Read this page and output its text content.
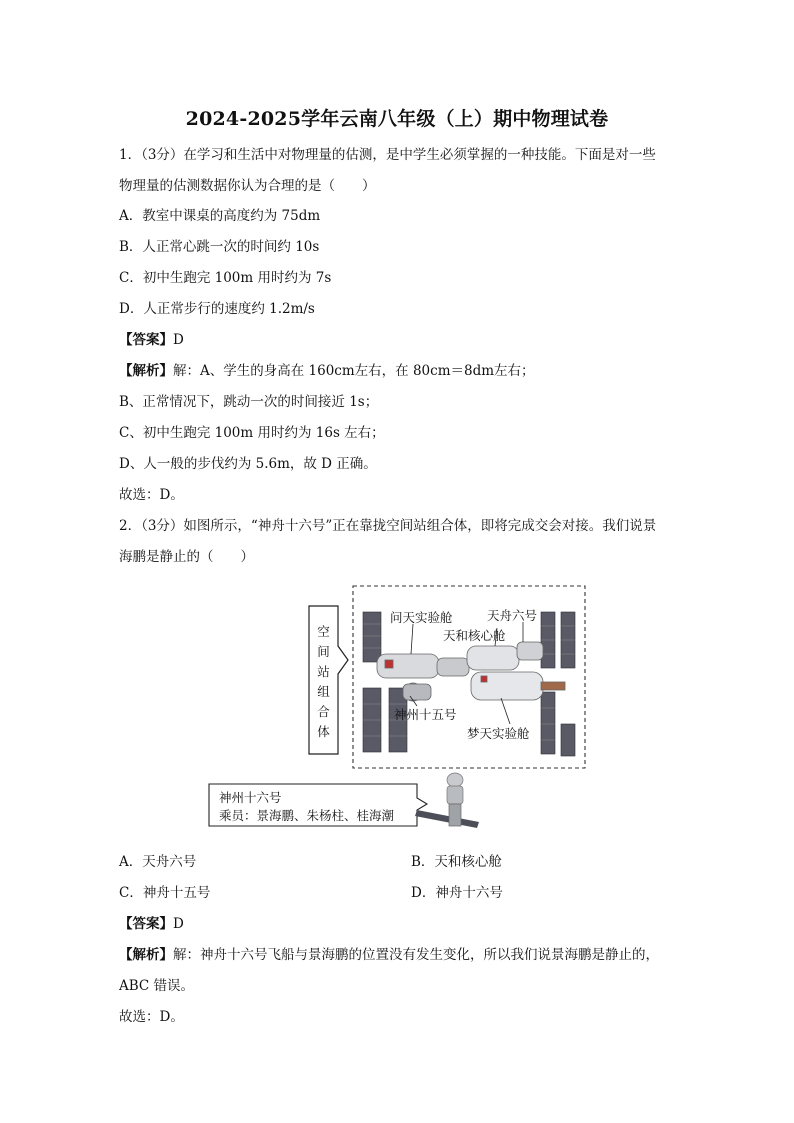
2024-2025学年云南八年级（上）期中物理试卷
1．（3分）在学习和生活中对物理量的估测，是中学生必须掌握的一种技能。下面是对一些
物理量的估测数据你认为合理的是（　　）
A．教室中课桌的高度约为 75dm
B．人正常心跳一次的时间约 10s
C．初中生跑完 100m 用时约为 7s
D．人正常步行的速度约 1.2m/s
【答案】D
【解析】解：A、学生的身高在 160cm左右，在 80cm＝8dm左右；
B、正常情况下，跳动一次的时间接近 1s；
C、初中生跑完 100m 用时约为 16s 左右；
D、人一般的步伐约为 5.6m，故 D 正确。
故选：D。
2．（3分）如图所示，“神舟十六号”正在靠拢空间站组合体，即将完成交会对接。我们说景
海鹏是静止的（　　）
空
间
站
组
合
体
问天实验舱	天舟六号
天和核心舱
神州十五号
梦天实验舱
神州十六号
乘员：景海鹏、朱杨柱、桂海潮
A．天舟六号	B．天和核心舱
C．神舟十五号	D．神舟十六号
【答案】D
【解析】解：神舟十六号飞船与景海鹏的位置没有发生变化，所以我们说景海鹏是静止的，
ABC 错误。
故选：D。
